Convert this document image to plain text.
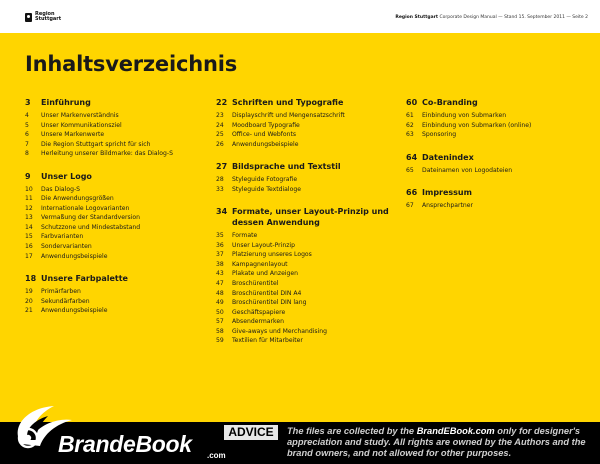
Region
Stuttgart	Region Stuttgart Corporate Design Manual — Stand 15. September 2011 — Seite 2
Inhaltsverzeichnis
3	Einführung
4	Unser Markenverständnis
5	Unser Kommunikationsziel
6	Unsere Markenwerte
7	Die Region Stuttgart spricht für sich
8	Herleitung unserer Bildmarke: das Dialog-S
9	Unser Logo
10	Das Dialog-S
11	Die Anwendungsgrößen
12	Internationale Logovarianten
13	Vermaßung der Standardversion
14	Schutzzone und Mindestabstand
15	Farbvarianten
16	Sondervarianten
17	Anwendungsbeispiele
18 Unsere Farbpalette
19	Primärfarben
20	Sekundärfarben
21	Anwendungsbeispiele
22 Schriften und Typografie
23	Displayschrift und Mengensatzschrift
24	Moodboard Typografie
25	Office- und Webfonts
26	Anwendungsbeispiele
27 Bildsprache und Textstil
28	Styleguide Fotografie
33	Styleguide Textdialoge
34 Formate, unser Layout-Prinzip und dessen Anwendung
35	Formate
36	Unser Layout-Prinzip
37	Platzierung unseres Logos
38	Kampagnenlayout
43	Plakate und Anzeigen
47	Broschürentitel
48	Broschürentitel DIN A4
49	Broschürentitel DIN lang
50	Geschäftspapiere
57	Absendermarken
58	Give-aways und Merchandising
59	Textilien für Mitarbeiter
60 Co-Branding
61	Einbindung von Submarken
62	Einbindung von Submarken (online)
63	Sponsoring
64 Datenindex
65	Dateinamen von Logodateien
66 Impressum
67	Ansprechpartner
BrandeBook .com
ADVICE	The files are collected by the BrandEBook.com only for designer's appreciation and study. All rights are owned by the Authors and the brand owners, and not allowed for other purposes.
